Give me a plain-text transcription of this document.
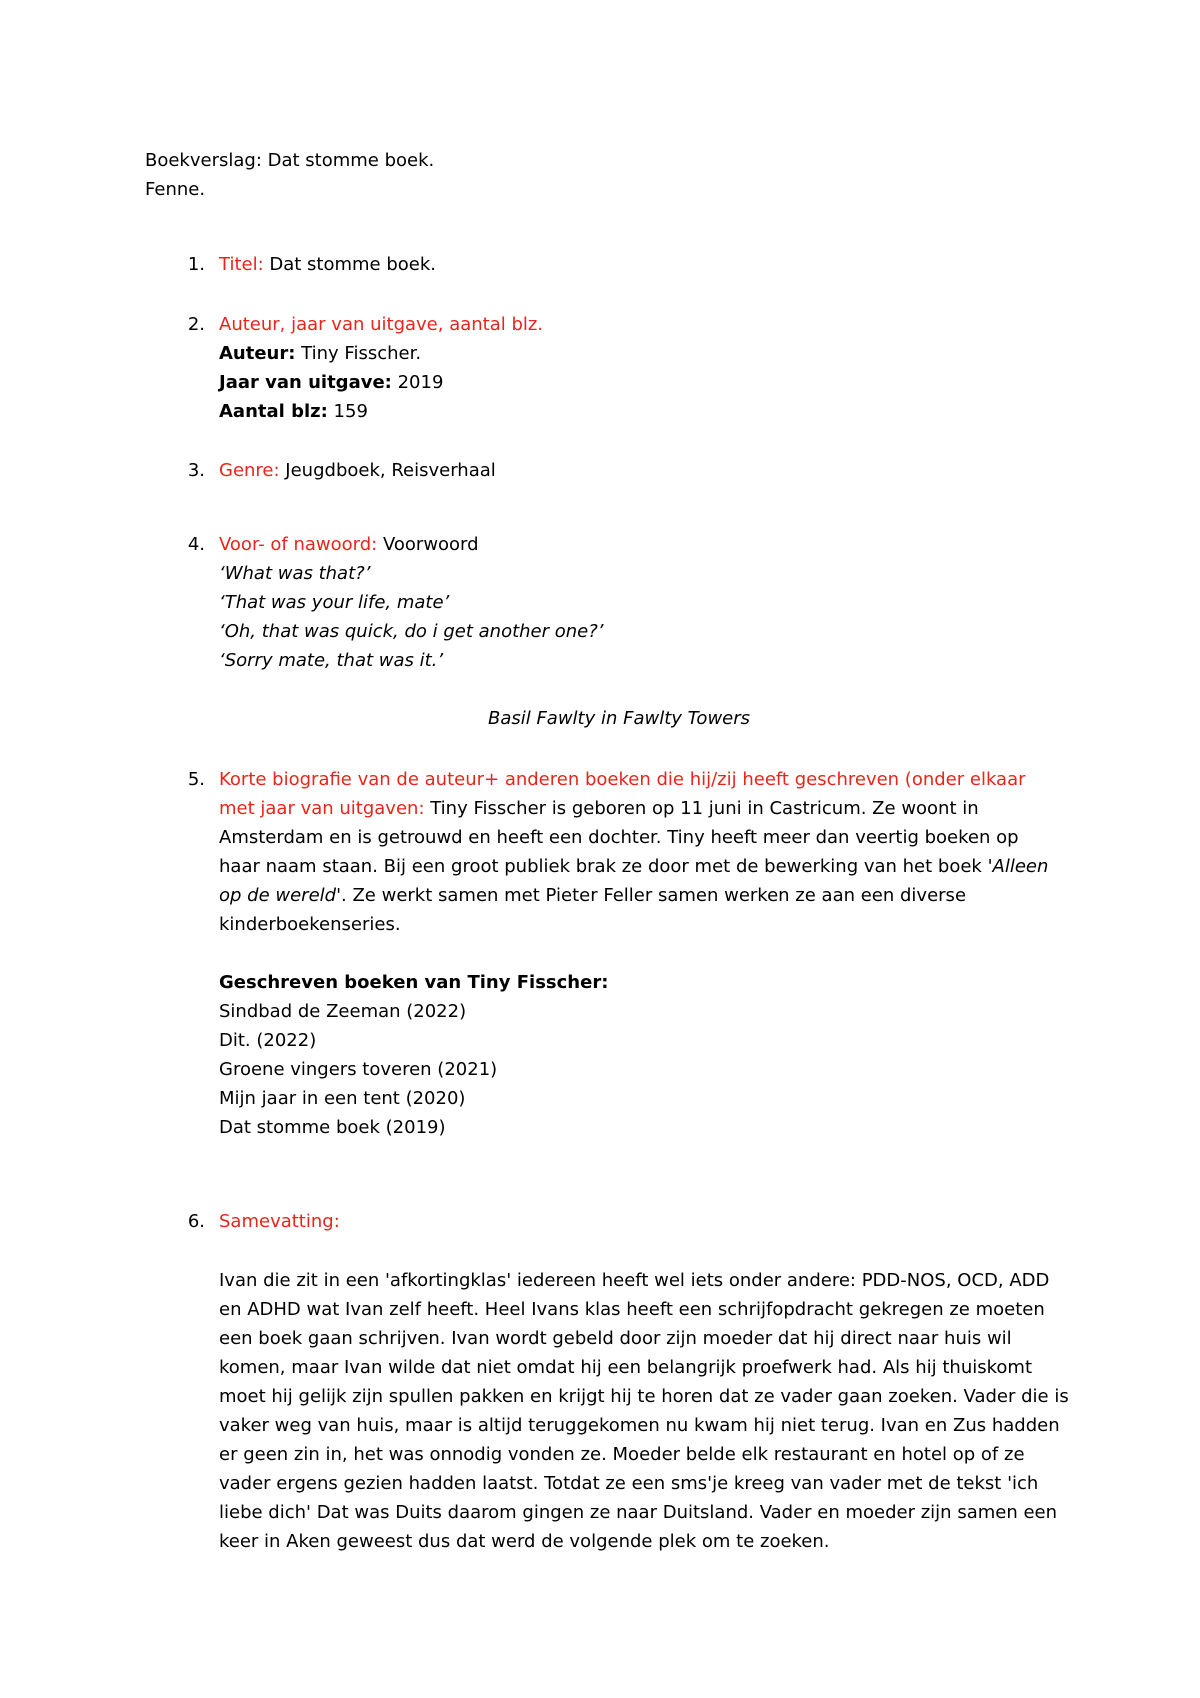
Boekverslag: Dat stomme boek.
Fenne.
1. Titel: Dat stomme boek.
2. Auteur, jaar van uitgave, aantal blz.
Auteur: Tiny Fisscher.
Jaar van uitgave: 2019
Aantal blz: 159
3. Genre: Jeugdboek, Reisverhaal
4. Voor- of nawoord: Voorwoord
‘What was that?’
‘That was your life, mate’
‘Oh, that was quick, do i get another one?’
‘Sorry mate, that was it.’
Basil Fawlty in Fawlty Towers
5. Korte biografie van de auteur+ anderen boeken die hij/zij heeft geschreven (onder elkaar
met jaar van uitgaven: Tiny Fisscher is geboren op 11 juni in Castricum. Ze woont in
Amsterdam en is getrouwd en heeft een dochter. Tiny heeft meer dan veertig boeken op
haar naam staan. Bij een groot publiek brak ze door met de bewerking van het boek 'Alleen
op de wereld'. Ze werkt samen met Pieter Feller samen werken ze aan een diverse
kinderboekenseries.
Geschreven boeken van Tiny Fisscher:
Sindbad de Zeeman (2022)
Dit. (2022)
Groene vingers toveren (2021)
Mijn jaar in een tent (2020)
Dat stomme boek (2019)
6. Samevatting:
Ivan die zit in een 'afkortingklas' iedereen heeft wel iets onder andere: PDD-NOS, OCD, ADD
en ADHD wat Ivan zelf heeft. Heel Ivans klas heeft een schrijfopdracht gekregen ze moeten
een boek gaan schrijven. Ivan wordt gebeld door zijn moeder dat hij direct naar huis wil
komen, maar Ivan wilde dat niet omdat hij een belangrijk proefwerk had. Als hij thuiskomt
moet hij gelijk zijn spullen pakken en krijgt hij te horen dat ze vader gaan zoeken. Vader die is
vaker weg van huis, maar is altijd teruggekomen nu kwam hij niet terug. Ivan en Zus hadden
er geen zin in, het was onnodig vonden ze. Moeder belde elk restaurant en hotel op of ze
vader ergens gezien hadden laatst. Totdat ze een sms'je kreeg van vader met de tekst 'ich
liebe dich' Dat was Duits daarom gingen ze naar Duitsland. Vader en moeder zijn samen een
keer in Aken geweest dus dat werd de volgende plek om te zoeken.
